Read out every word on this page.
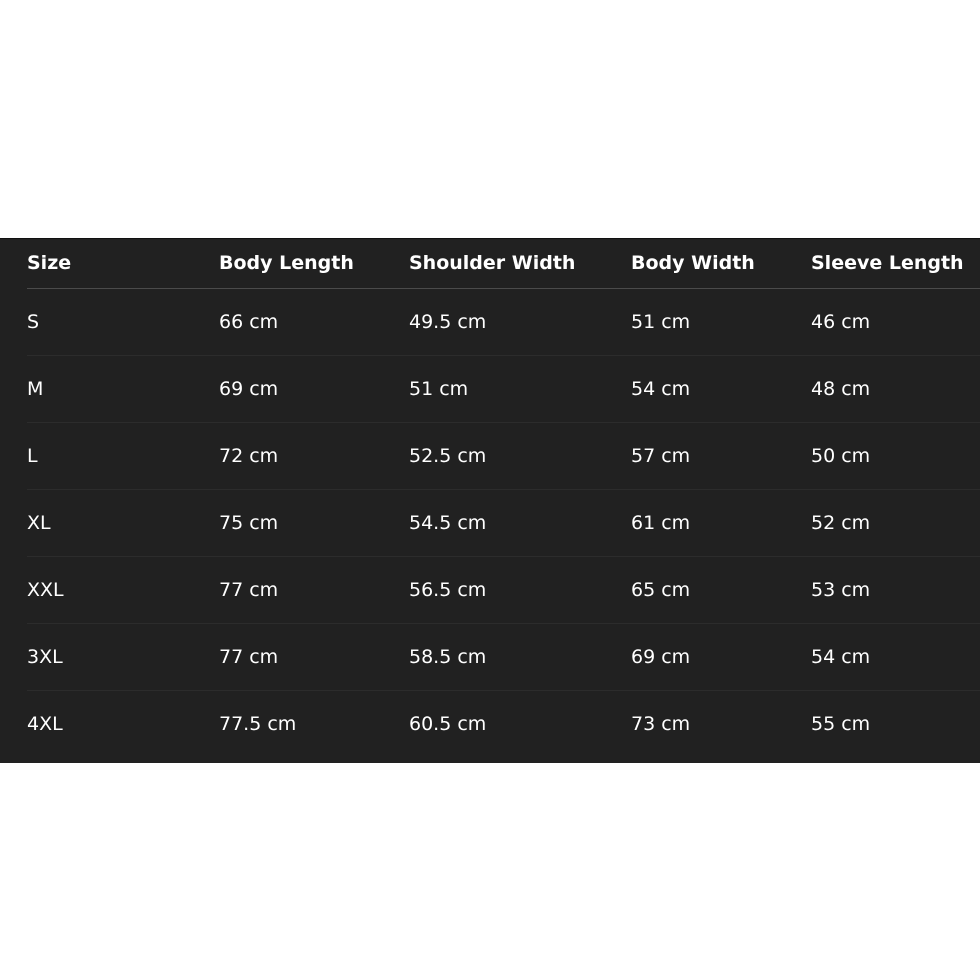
Size	Body Length	Shoulder Width	Body Width	Sleeve Length
S	66 cm	49.5 cm	51 cm	46 cm
M	69 cm	51 cm	54 cm	48 cm
L	72 cm	52.5 cm	57 cm	50 cm
XL	75 cm	54.5 cm	61 cm	52 cm
XXL	77 cm	56.5 cm	65 cm	53 cm
3XL	77 cm	58.5 cm	69 cm	54 cm
4XL	77.5 cm	60.5 cm	73 cm	55 cm
